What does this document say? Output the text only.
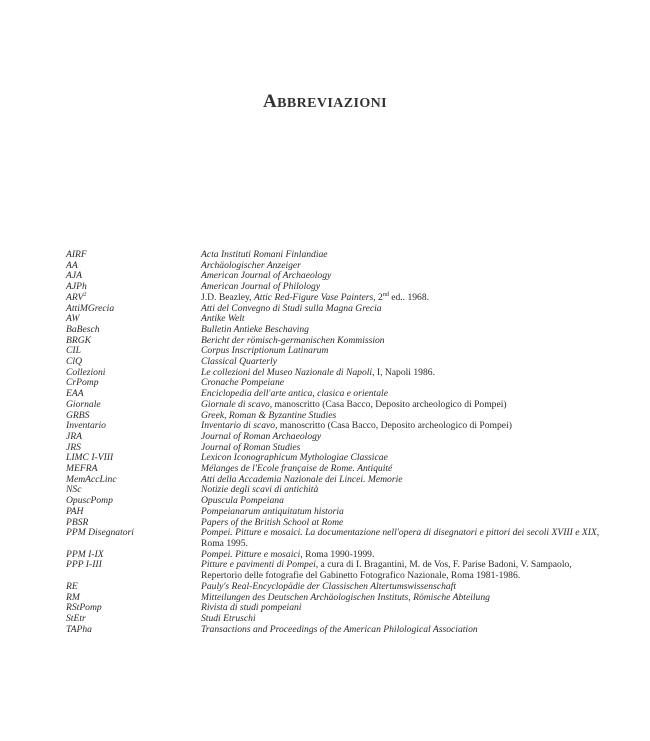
ABBREVIAZIONI
AIRF	Acta Instituti Romani Finlandiae
AA	Archäologischer Anzeiger
AJA	American Journal of Archaeology
AJPh	American Journal of Philology
ARV$^2$	J.D. Beazley, Attic Red-Figure Vase Painters, 2nd ed.. 1968.
AttiMGrecia	Atti del Convegno di Studi sulla Magna Grecia
AW	Antike Welt
BaBesch	Bulletin Antieke Beschaving
BRGK	Bericht der römisch-germanischen Kommission
CIL	Corpus Inscriptionum Latinarum
ClQ	Classical Quarterly
Collezioni	Le collezioni del Museo Nazionale di Napoli, I, Napoli 1986.
CrPomp	Cronache Pompeiane
EAA	Enciclopedia dell'arte antica, clasica e orientale
Giornale	Giornale di scavo, manoscritto (Casa Bacco, Deposito archeologico di Pompei)
GRBS	Greek, Roman & Byzantine Studies
Inventario	Inventario di scavo, manoscritto (Casa Bacco, Deposito archeologico di Pompei)
JRA	Journal of Roman Archaeology
JRS	Journal of Roman Studies
LIMC I-VIII	Lexicon Iconographicum Mythologiae Classicae
MEFRA	Mélanges de l'Ecole française de Rome. Antiquité
MemAccLinc	Atti della Accademia Nazionale dei Lincei. Memorie
NSc	Notizie degli scavi di antichità
OpuscPomp	Opuscula Pompeiana
PAH	Pompeianarum antiquitatum historia
PBSR	Papers of the British School at Rome
PPM Disegnatori	Pompei. Pitture e mosaici. La documentazione nell'opera di disegnatori e pittori dei secoli XVIII e XIX, Roma 1995.
PPM I-IX	Pompei. Pitture e mosaici, Roma 1990-1999.
PPP I-III	Pitture e pavimenti di Pompei, a cura di I. Bragantini, M. de Vos, F. Parise Badoni, V. Sampaolo, Repertorio delle fotografie del Gabinetto Fotografico Nazionale, Roma 1981-1986.
RE	Pauly's Real-Encyclopädie der Classischen Altertumswissenschaft
RM	Mitteilungen des Deutschen Archäologischen Instituts, Römische Abteilung
RStPomp	Rivista di studi pompeiani
StEtr	Studi Etruschi
TAPha	Transactions and Proceedings of the American Philological Association
